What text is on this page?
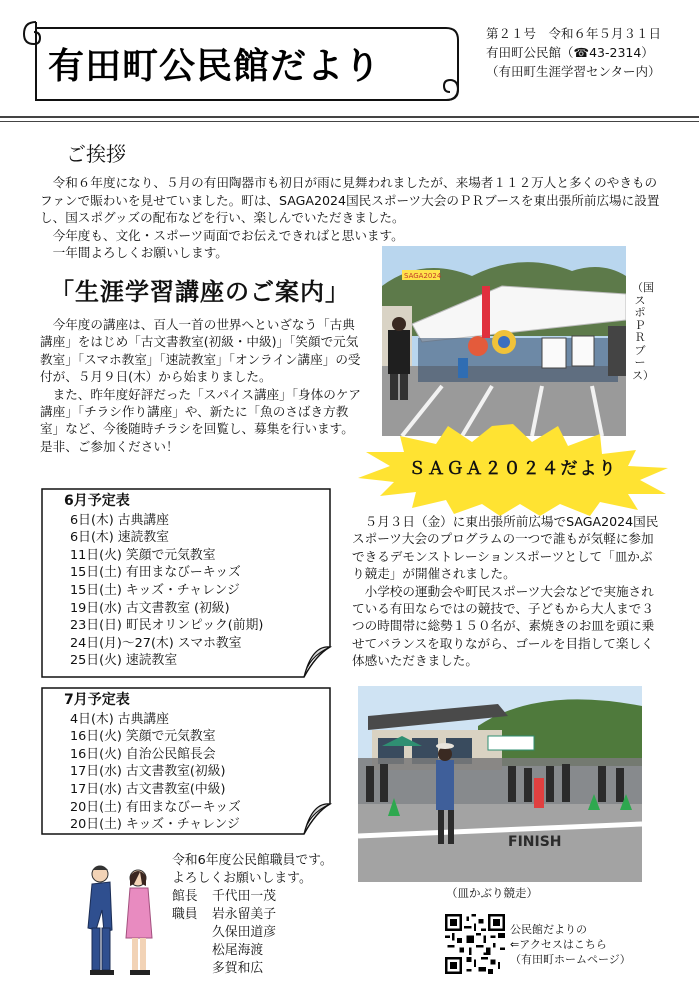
有田町公民館だより
第２１号　令和６年５月３１日
有田町公民館（☎43-2314）
（有田町生涯学習センター内）
ご挨拶

令和６年度になり、５月の有田陶器市も初日が雨に見舞われましたが、来場者１１２万人と多くのやきものファンで賑わいを見せていました。町は、SAGA2024国民スポーツ大会のＰＲブースを東出張所前広場に設置し、国スポグッズの配布などを行い、楽しんでいただきました。

今年度も、文化・スポーツ両面でお伝えできればと思います。

一年間よろしくお願いします。

「生涯学習講座のご案内」

今年度の講座は、百人一首の世界へといざなう「古典講座」をはじめ「古文書教室(初級・中級)」「笑顔で元気教室」「スマホ教室」「速読教室」「オンライン講座」の受付が、５月９日(木）から始まりました。

また、昨年度好評だった「スパイス講座」「身体のケア講座」「チラシ作り講座」や、新たに「魚のさばき方教室」など、今後随時チラシを回覧し、募集を行います。是非、ご参加ください！

SAGA2024
（国スポＰＲブース）
ＳＡＧＡ２０２４だより
6月予定表
6日(木) 古典講座
6日(木) 速読教室
11日(火) 笑顔で元気教室
15日(土) 有田まなびーキッズ
15日(土) キッズ・チャレンジ
19日(水) 古文書教室 (初級)
23日(日) 町民オリンピック(前期)
24日(月)～27(木) スマホ教室
25日(火) 速読教室
7月予定表
4日(木) 古典講座
16日(火) 笑顔で元気教室
16日(火) 自治公民館長会
17日(水) 古文書教室(初級)
17日(水) 古文書教室(中級)
20日(土) 有田まなびーキッズ
20日(土) キッズ・チャレンジ

５月３日（金）に東出張所前広場でSAGA2024国民スポーツ大会のプログラムの一つで誰もが気軽に参加できるデモンストレーションスポーツとして「皿かぶり競走」が開催されました。

小学校の運動会や町民スポーツ大会などで実施されている有田ならではの競技で、子どもから大人まで３つの時間帯に総勢１５０名が、素焼きのお皿を頭に乗せてバランスを取りながら、ゴールを目指して楽しく体感いただきました。

FINISH
（皿かぶり競走）
令和6年度公民館職員です。
よろしくお願いします。
館長 千代田一茂
職員 岩永留美子
久保田道彦
松尾海渡
多賀和広
公民館だよりの
⇐アクセスはこちら
（有田町ホームページ）
